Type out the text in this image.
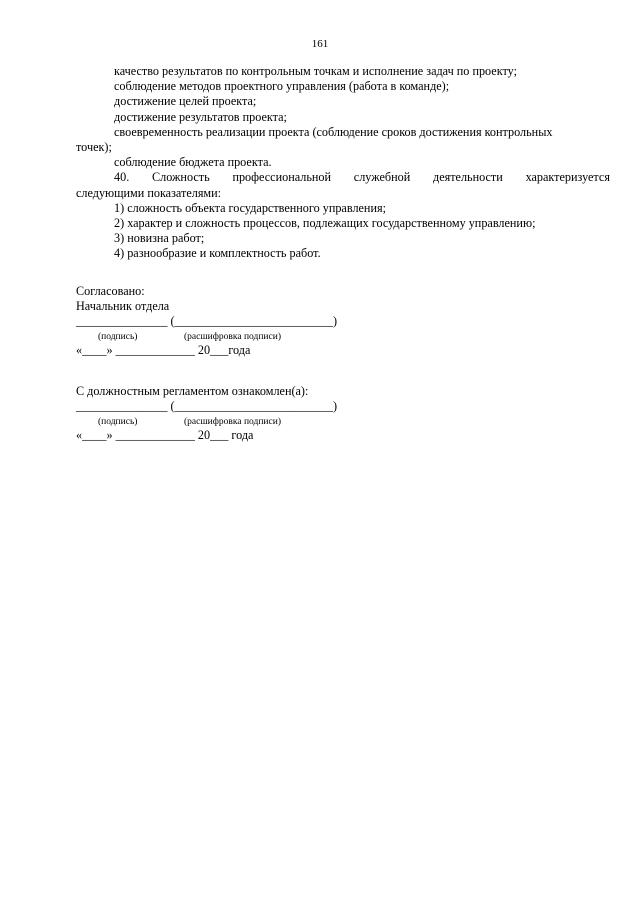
161

качество результатов по контрольным точкам и исполнение задач по проекту;

соблюдение методов проектного управления (работа в команде);

достижение целей проекта;

достижение результатов проекта;

своевременность реализации проекта (соблюдение сроков достижения контрольных

точек);

соблюдение бюджета проекта.

40. Сложность профессиональной служебной деятельности характеризуется

следующими показателями:

1) сложность объекта государственного управления;

2) характер и сложность процессов, подлежащих государственному управлению;

3) новизна работ;

4) разнообразие и комплектность работ.

Согласовано:
Начальник отдела
_______________ (__________________________)
(подпись)	(расшифровка подписи)
«____» _____________ 20___года
С должностным регламентом ознакомлен(а):
_______________ (__________________________)
(подпись)	(расшифровка подписи)
«____» _____________ 20___ года
